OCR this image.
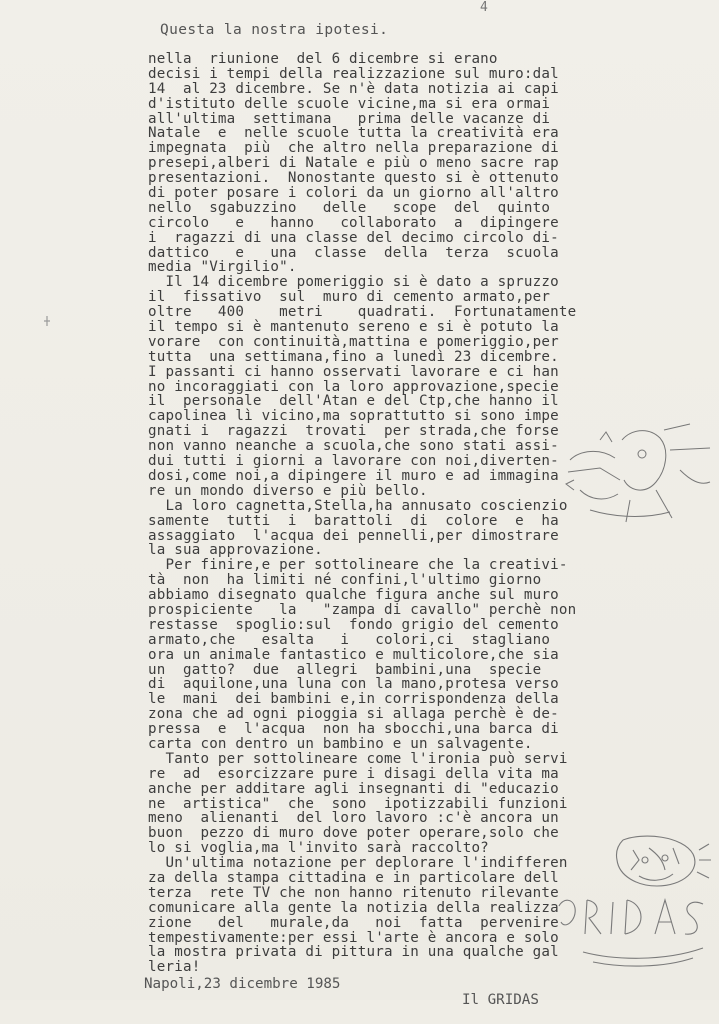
4
Questa la nostra ipotesi.
nella  riunione  del 6 dicembre si erano
decisi i tempi della realizzazione sul muro:dal
14  al 23 dicembre. Se n'è data notizia ai capi
d'istituto delle scuole vicine,ma si era ormai
all'ultima  settimana   prima delle vacanze di
Natale  e  nelle scuole tutta la creatività era
impegnata  più  che altro nella preparazione di
presepi,alberi di Natale e più o meno sacre rap
presentazioni.  Nonostante questo si è ottenuto
di poter posare i colori da un giorno all'altro
nello  sgabuzzino   delle   scope  del  quinto
circolo   e   hanno   collaborato  a  dipingere
i  ragazzi di una classe del decimo circolo di-
dattico   e   una  classe  della  terza  scuola
media "Virgilio".
Il 14 dicembre pomeriggio si è dato a spruzzo
il  fissativo  sul  muro di cemento armato,per
oltre   400    metri    quadrati.  Fortunatamente
il tempo si è mantenuto sereno e si è potuto la
vorare  con continuità,mattina e pomeriggio,per
tutta  una settimana,fino a lunedì 23 dicembre.
I passanti ci hanno osservati lavorare e ci han
no incoraggiati con la loro approvazione,specie
il  personale  dell'Atan e del Ctp,che hanno il
capolinea lì vicino,ma soprattutto si sono impe
gnati i  ragazzi  trovati  per strada,che forse
non vanno neanche a scuola,che sono stati assi-
dui tutti i giorni a lavorare con noi,diverten-
dosi,come noi,a dipingere il muro e ad immagina
re un mondo diverso e più bello.
La loro cagnetta,Stella,ha annusato coscienzio
samente  tutti  i  barattoli  di  colore  e  ha
assaggiato  l'acqua dei pennelli,per dimostrare
la sua approvazione.
Per finire,e per sottolineare che la creativi-
tà  non  ha limiti né confini,l'ultimo giorno
abbiamo disegnato qualche figura anche sul muro
prospiciente   la   "zampa di cavallo" perchè non
restasse  spoglio:sul  fondo grigio del cemento
armato,che   esalta   i   colori,ci  stagliano
ora un animale fantastico e multicolore,che sia
un  gatto?  due  allegri  bambini,una  specie
di  aquilone,una luna con la mano,protesa verso
le  mani  dei bambini e,in corrispondenza della
zona che ad ogni pioggia si allaga perchè è de-
pressa  e  l'acqua  non ha sbocchi,una barca di
carta con dentro un bambino e un salvagente.
Tanto per sottolineare come l'ironia può servi
re  ad  esorcizzare pure i disagi della vita ma
anche per additare agli insegnanti di "educazio
ne  artistica"  che  sono  ipotizzabili funzioni
meno  alienanti  del loro lavoro :c'è ancora un
buon  pezzo di muro dove poter operare,solo che
lo si voglia,ma l'invito sarà raccolto?
Un'ultima notazione per deplorare l'indifferen
za della stampa cittadina e in particolare dell
terza  rete TV che non hanno ritenuto rilevante
comunicare alla gente la notizia della realizza
zione   del   murale,da   noi  fatta  pervenire
tempestivamente:per essi l'arte è ancora e solo
la mostra privata di pittura in una qualche gal
leria!

Napoli,23 dicembre 1985

Il GRIDAS
